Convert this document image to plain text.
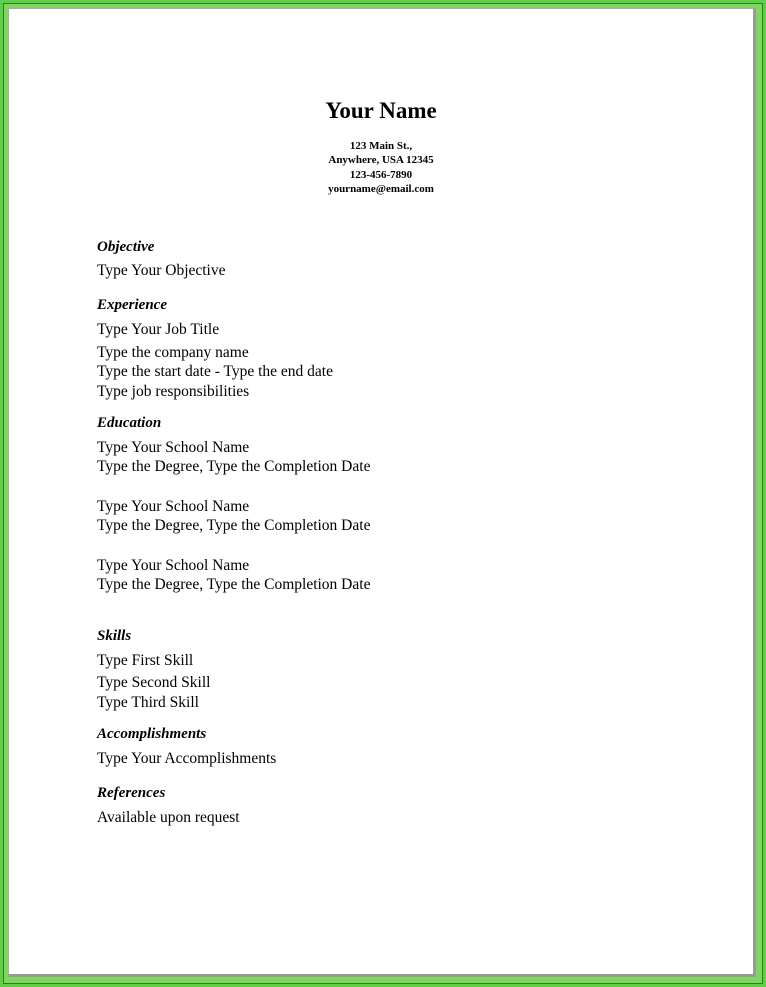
Your Name
123 Main St.,
Anywhere, USA 12345
123-456-7890
yourname@email.com
Objective
Type Your Objective
Experience
Type Your Job Title
Type the company name
Type the start date - Type the end date
Type job responsibilities
Education
Type Your School Name
Type the Degree, Type the Completion Date
Type Your School Name
Type the Degree, Type the Completion Date
Type Your School Name
Type the Degree, Type the Completion Date
Skills
Type First Skill
Type Second Skill
Type Third Skill
Accomplishments
Type Your Accomplishments
References
Available upon request
